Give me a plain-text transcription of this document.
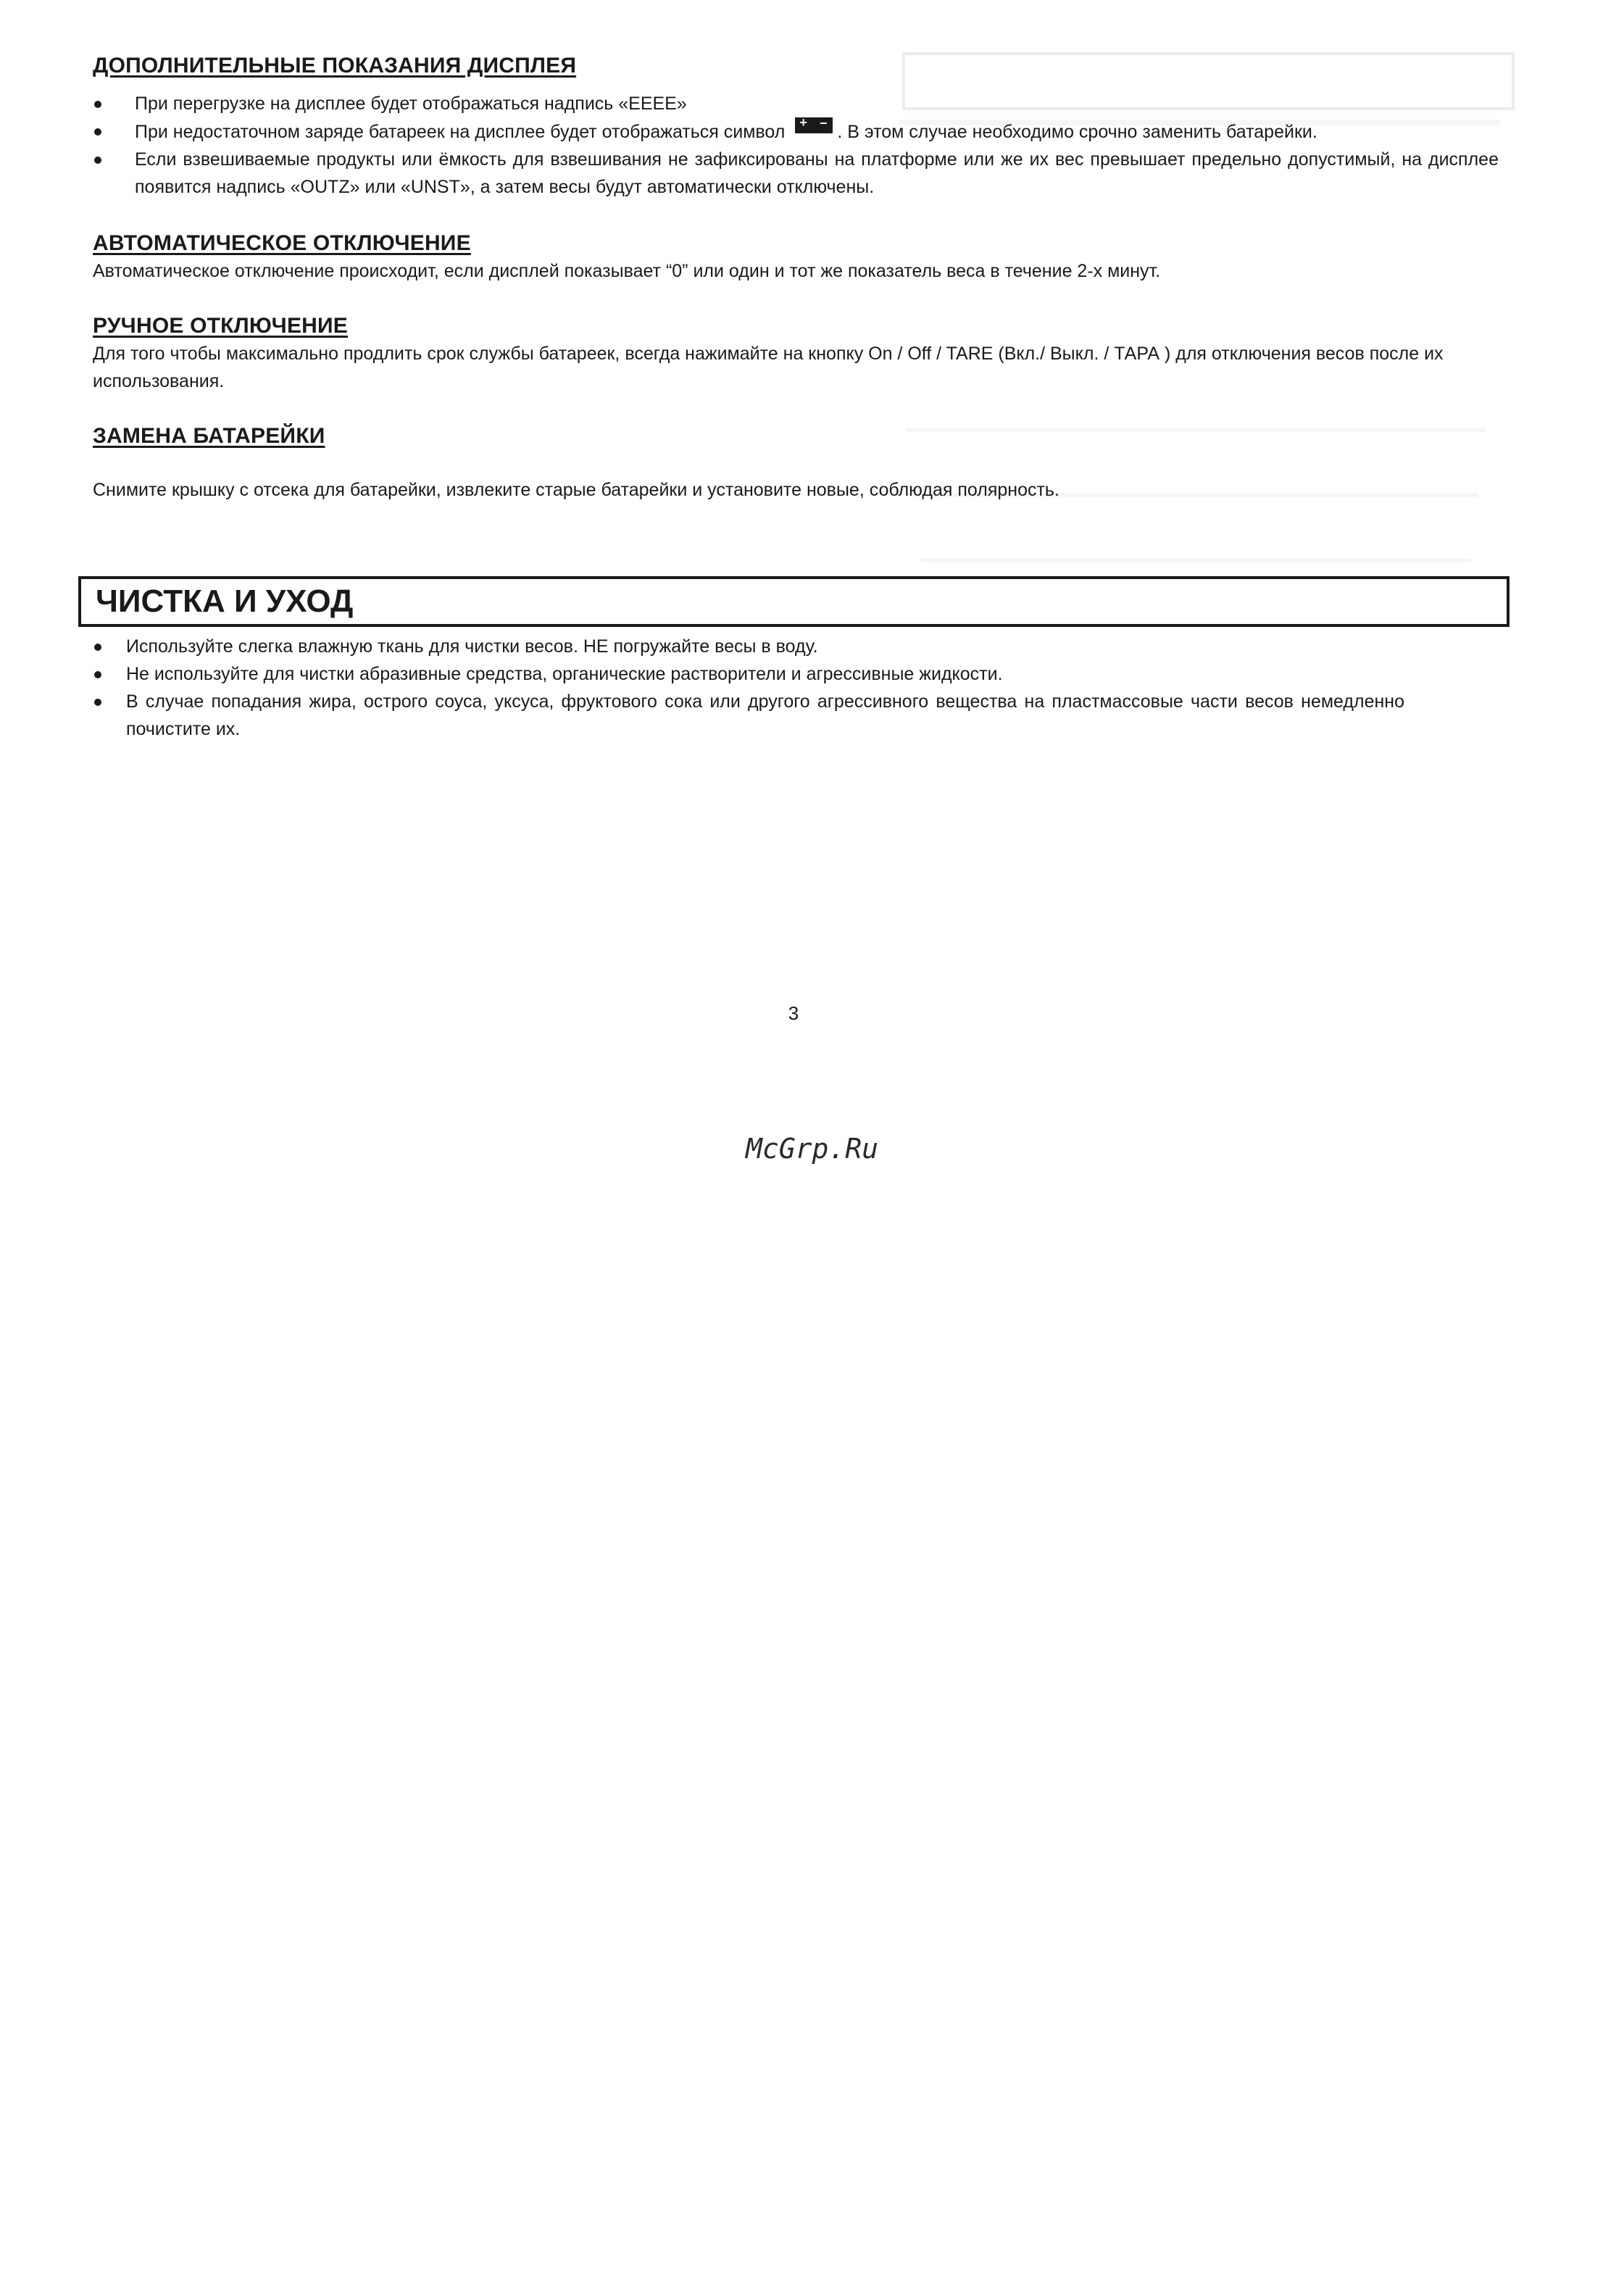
ДОПОЛНИТЕЛЬНЫЕ ПОКАЗАНИЯ ДИСПЛЕЯ
При перегрузке на дисплее будет отображаться надпись «EEEE»
При недостаточном заряде батареек на дисплее будет отображаться символ + – . В этом случае необходимо срочно заменить батарейки.
Если взвешиваемые продукты или ёмкость для взвешивания не зафиксированы на платформе или же их вес превышает предельно допустимый, на дисплее появится надпись «OUTZ» или «UNST», а затем весы будут автоматически отключены.
АВТОМАТИЧЕСКОЕ ОТКЛЮЧЕНИЕ

Автоматическое отключение происходит, если дисплей показывает “0” или один и тот же показатель веса в течение 2-х минут.

РУЧНОЕ ОТКЛЮЧЕНИЕ

Для того чтобы максимально продлить срок службы батареек, всегда нажимайте на кнопку On / Off / TARE (Вкл./ Выкл. / ТАРА ) для отключения весов после их использования.

ЗАМЕНА БАТАРЕЙКИ

Снимите крышку с отсека для батарейки, извлеките старые батарейки и установите новые, соблюдая полярность.

ЧИСТКА И УХОД
Используйте слегка влажную ткань для чистки весов. НЕ погружайте весы в воду.
Не используйте для чистки абразивные средства, органические растворители и агрессивные жидкости.
В случае попадания жира, острого соуса, уксуса, фруктового сока или другого агрессивного вещества на пластмассовые части весов немедленно почистите их.
3
McGrp.Ru
